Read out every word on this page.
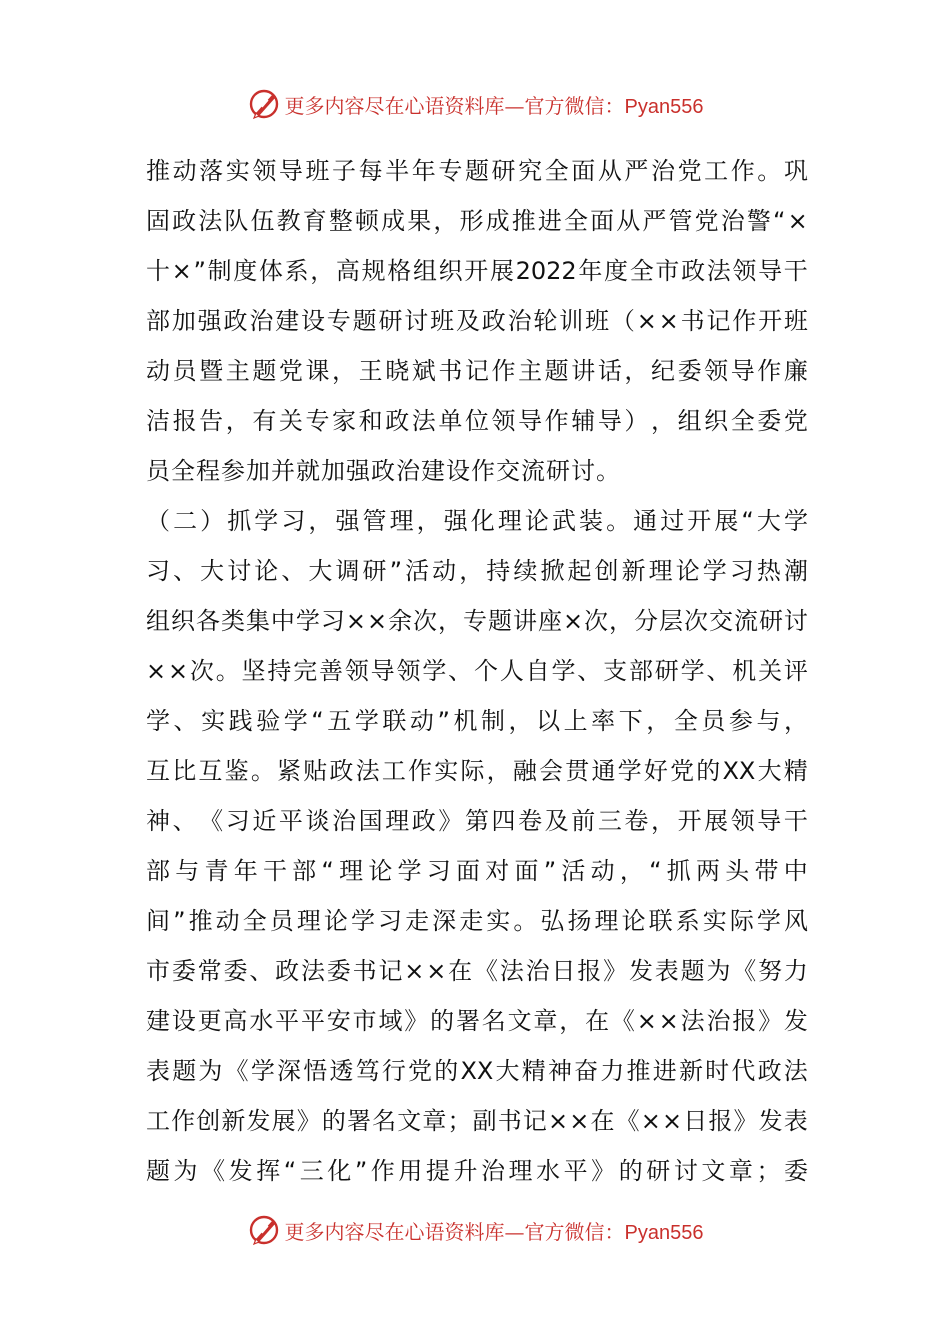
更多内容尽在心语资料库—官方微信：Pyan556
推 动 落 实 领 导 班 子 每 半 年 专 题 研 究 全 面 从 严 治 党 工 作 。 巩
固 政 法 队 伍 教 育 整 顿 成 果 ， 形 成 推 进 全 面 从 严 管 党 治 警 “ ×
十 × ” 制 度 体 系 ， 高 规 格 组 织 开 展 2022 年 度 全 市 政 法 领 导 干
部 加 强 政 治 建 设 专 题 研 讨 班 及 政 治 轮 训 班 （ × × 书 记 作 开 班
动 员 暨 主 题 党 课 ， 王 晓 斌 书 记 作 主 题 讲 话 ， 纪 委 领 导 作 廉
洁 报 告 ， 有 关 专 家 和 政 法 单 位 领 导 作 辅 导 ） ， 组 织 全 委 党
员全程参加并就加强政治建设作交流研讨。
（ 二 ） 抓 学 习 ， 强 管 理 ， 强 化 理 论 武 装 。 通 过 开 展 “ 大 学
习 、 大 讨 论 、 大 调 研 ” 活 动 ， 持 续 掀 起 创 新 理 论 学 习 热 潮
组 织 各 类 集 中 学 习 × × 余 次 ， 专 题 讲 座 × 次 ， 分 层 次 交 流 研 讨
× × 次 。 坚 持 完 善 领 导 领 学 、 个 人 自 学 、 支 部 研 学 、 机 关 评
学 、 实 践 验 学 “ 五 学 联 动 ” 机 制 ， 以 上 率 下 ， 全 员 参 与 ，
互 比 互 鉴 。 紧 贴 政 法 工 作 实 际 ， 融 会 贯 通 学 好 党 的 XX 大 精
神 、 《 习 近 平 谈 治 国 理 政 》 第 四 卷 及 前 三 卷 ， 开 展 领 导 干
部 与 青 年 干 部 “ 理 论 学 习 面 对 面 ” 活 动 ， “ 抓 两 头 带 中
间 ” 推 动 全 员 理 论 学 习 走 深 走 实 。 弘 扬 理 论 联 系 实 际 学 风
市 委 常 委 、 政 法 委 书 记 × × 在 《 法 治 日 报 》 发 表 题 为 《 努 力
建 设 更 高 水 平 平 安 市 域 》 的 署 名 文 章 ， 在 《 × × 法 治 报 》 发
表 题 为 《 学 深 悟 透 笃 行 党 的 XX 大 精 神 奋 力 推 进 新 时 代 政 法
工 作 创 新 发 展 》 的 署 名 文 章 ； 副 书 记 × × 在 《 × × 日 报 》 发 表
题 为 《 发 挥 “ 三 化 ” 作 用 提 升 治 理 水 平 》 的 研 讨 文 章 ； 委
更多内容尽在心语资料库—官方微信：Pyan556
